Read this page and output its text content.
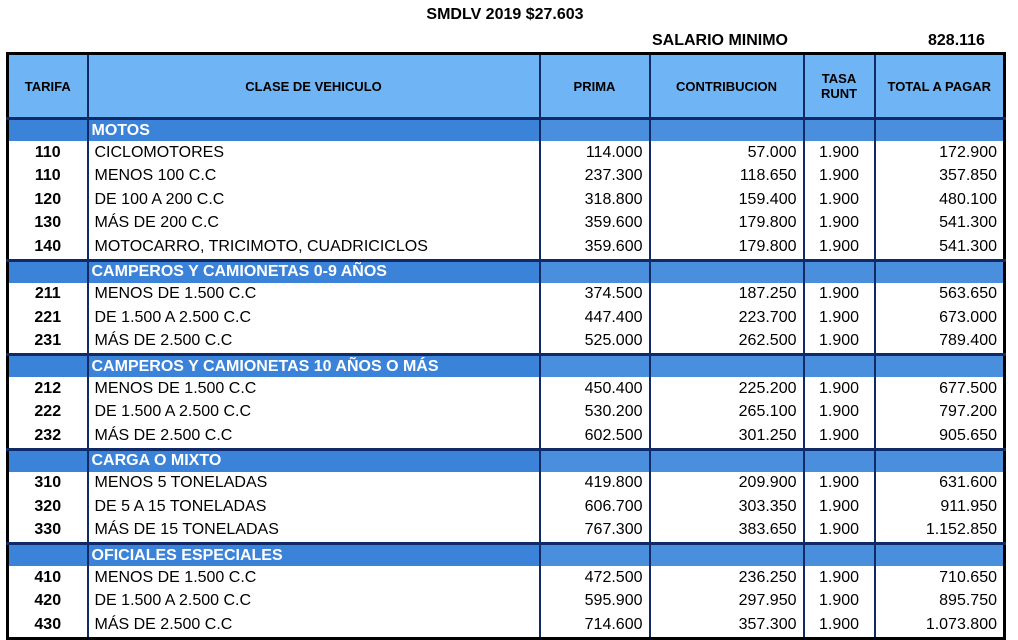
SMDLV 2019 $27.603
SALARIO MINIMO	828.116
TARIFA	CLASE DE VEHICULO	PRIMA	CONTRIBUCION	TASA RUNT	TOTAL A PAGAR
	MOTOS				
110	CICLOMOTORES	114.000	57.000	1.900	172.900
110	MENOS 100 C.C	237.300	118.650	1.900	357.850
120	DE 100 A 200 C.C	318.800	159.400	1.900	480.100
130	MÁS DE 200 C.C	359.600	179.800	1.900	541.300
140	MOTOCARRO, TRICIMOTO, CUADRICICLOS	359.600	179.800	1.900	541.300
	CAMPEROS Y CAMIONETAS 0-9 AÑOS				
211	MENOS DE 1.500 C.C	374.500	187.250	1.900	563.650
221	DE 1.500 A 2.500 C.C	447.400	223.700	1.900	673.000
231	MÁS DE 2.500 C.C	525.000	262.500	1.900	789.400
	CAMPEROS Y CAMIONETAS 10 AÑOS O MÁS				
212	MENOS DE 1.500 C.C	450.400	225.200	1.900	677.500
222	DE 1.500 A 2.500 C.C	530.200	265.100	1.900	797.200
232	MÁS DE 2.500 C.C	602.500	301.250	1.900	905.650
	CARGA O MIXTO				
310	MENOS 5 TONELADAS	419.800	209.900	1.900	631.600
320	DE 5 A 15 TONELADAS	606.700	303.350	1.900	911.950
330	MÁS DE 15 TONELADAS	767.300	383.650	1.900	1.152.850
	OFICIALES ESPECIALES				
410	MENOS DE 1.500 C.C	472.500	236.250	1.900	710.650
420	DE 1.500 A 2.500 C.C	595.900	297.950	1.900	895.750
430	MÁS DE 2.500 C.C	714.600	357.300	1.900	1.073.800
